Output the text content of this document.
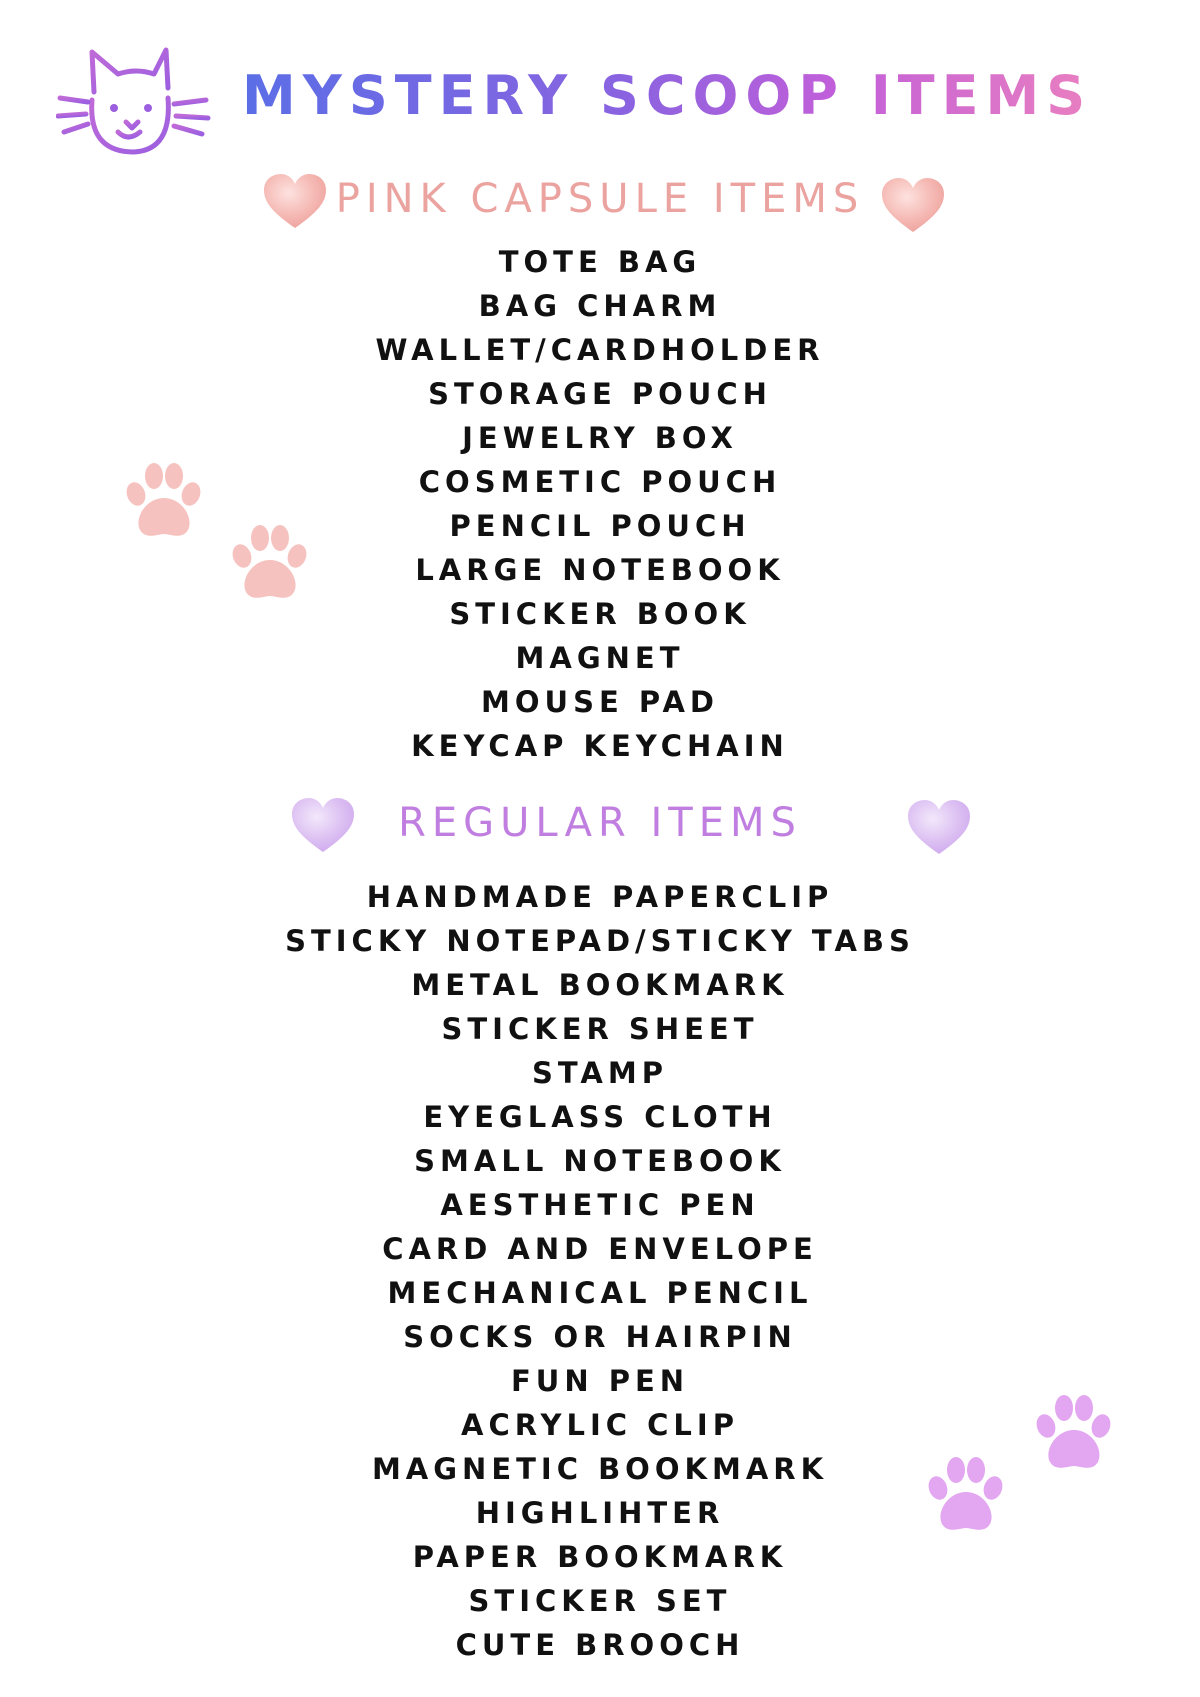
MYSTERY SCOOP ITEMS
PINK CAPSULE ITEMS
TOTE BAG
BAG CHARM
WALLET/CARDHOLDER
STORAGE POUCH
JEWELRY BOX
COSMETIC POUCH
PENCIL POUCH
LARGE NOTEBOOK
STICKER BOOK
MAGNET
MOUSE PAD
KEYCAP KEYCHAIN
REGULAR ITEMS
HANDMADE PAPERCLIP
STICKY NOTEPAD/STICKY TABS
METAL BOOKMARK
STICKER SHEET
STAMP
EYEGLASS CLOTH
SMALL NOTEBOOK
AESTHETIC PEN
CARD AND ENVELOPE
MECHANICAL PENCIL
SOCKS OR HAIRPIN
FUN PEN
ACRYLIC CLIP
MAGNETIC BOOKMARK
HIGHLIHTER
PAPER BOOKMARK
STICKER SET
CUTE BROOCH
